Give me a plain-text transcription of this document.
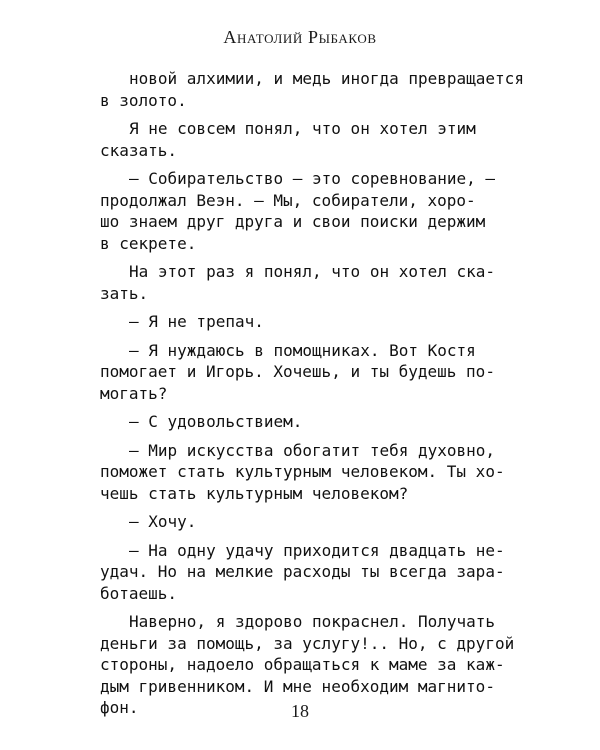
Анатолий Рыбаков

новой алхимии, и медь иногда превращается
в золото.

Я не совсем понял, что он хотел этим
сказать.

— Собирательство — это соревнование, —
продолжал Веэн. — Мы, собиратели, хоро-
шо знаем друг друга и свои поиски держим
в секрете.

На этот раз я понял, что он хотел ска-
зать.

— Я не трепач.

— Я нуждаюсь в помощниках. Вот Костя
помогает и Игорь. Хочешь, и ты будешь по-
могать?

— С удовольствием.

— Мир искусства обогатит тебя духовно,
поможет стать культурным человеком. Ты хо-
чешь стать культурным человеком?

— Хочу.

— На одну удачу приходится двадцать не-
удач. Но на мелкие расходы ты всегда зара-
ботаешь.

Наверно, я здорово покраснел. Получать
деньги за помощь, за услугу!.. Но, с другой
стороны, надоело обращаться к маме за каж-
дым гривенником. И мне необходим магнито-
фон.	18
